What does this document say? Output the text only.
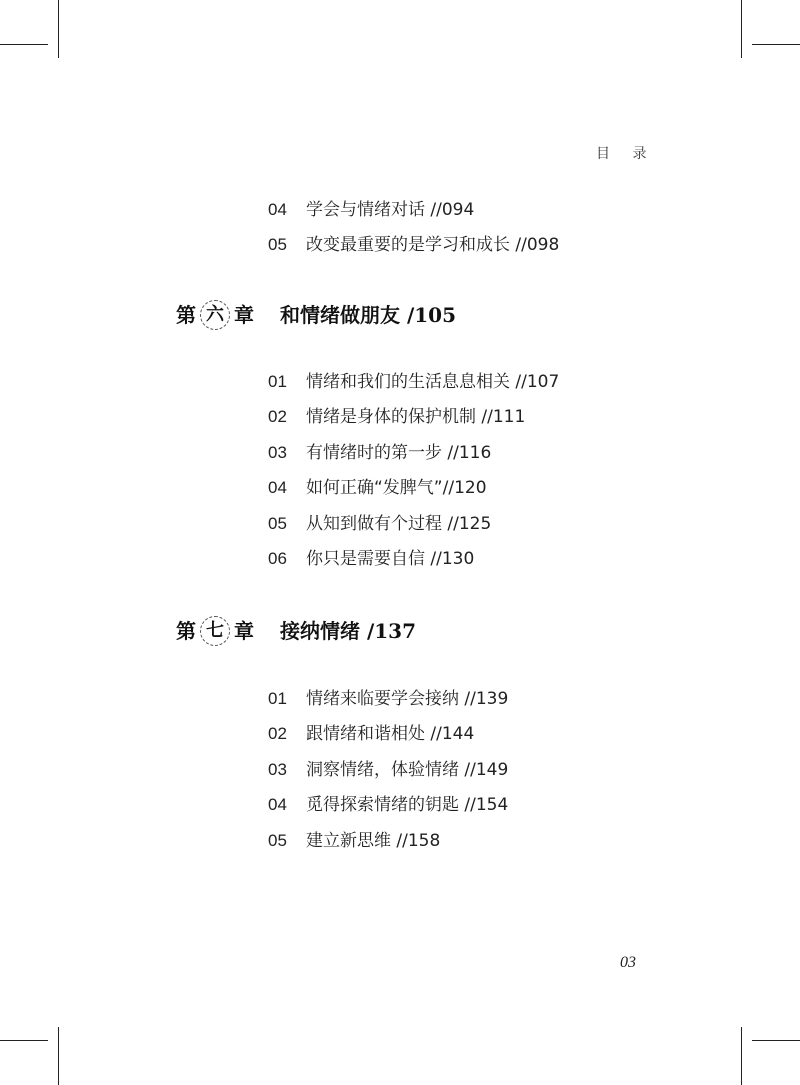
目 录
04 学会与情绪对话 //094
05 改变最重要的是学习和成长 //098
第 六 章 和情绪做朋友 /105
01 情绪和我们的生活息息相关 //107
02 情绪是身体的保护机制 //111
03 有情绪时的第一步 //116
04 如何正确“发脾气”//120
05 从知到做有个过程 //125
06 你只是需要自信 //130
第 七 章 接纳情绪 /137
01 情绪来临要学会接纳 //139
02 跟情绪和谐相处 //144
03 洞察情绪，体验情绪 //149
04 觅得探索情绪的钥匙 //154
05 建立新思维 //158
03
